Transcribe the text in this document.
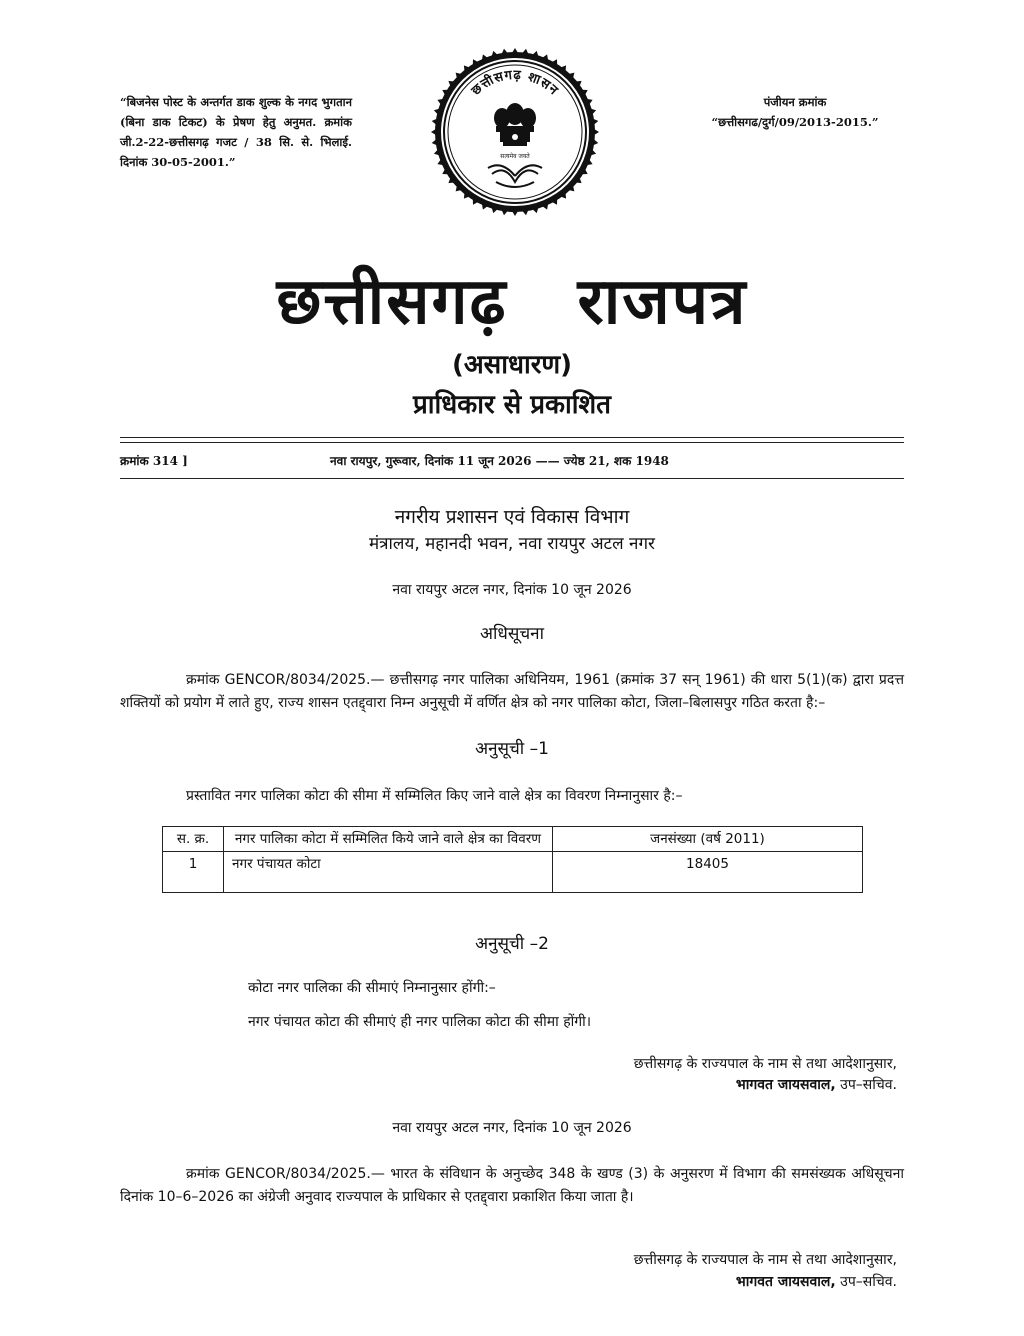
“बिजनेस पोस्ट के अन्तर्गत डाक शुल्क के नगद भुगतान (बिना डाक टिकट) के प्रेषण हेतु अनुमत. क्रमांक जी.2-22-छत्तीसगढ़ गजट / 38 सि. से. भिलाई. दिनांक 30-05-2001.”
पंजीयन क्रमांक
“छत्तीसगढ/दुर्ग/09/2013-2015.”
छत्तीसगढ़ शासन
सत्यमेव जयते
छत्तीसगढ़ राजपत्र
(असाधारण)
प्राधिकार से प्रकाशित
क्रमांक 314 ]	नवा रायपुर, गुरूवार, दिनांक 11 जून 2026 —— ज्येष्ठ 21, शक 1948
नगरीय प्रशासन एवं विकास विभाग
मंत्रालय, महानदी भवन, नवा रायपुर अटल नगर
नवा रायपुर अटल नगर, दिनांक 10 जून 2026
अधिसूचना
क्रमांक GENCOR/8034/2025.— छत्तीसगढ़ नगर पालिका अधिनियम, 1961 (क्रमांक 37 सन् 1961) की धारा 5(1)(क) द्वारा प्रदत्त शक्तियों को प्रयोग में लाते हुए, राज्य शासन एतद्द्वारा निम्न अनुसूची में वर्णित क्षेत्र को नगर पालिका कोटा, जिला–बिलासपुर गठित करता है:–
अनुसूची –1
प्रस्तावित नगर पालिका कोटा की सीमा में सम्मिलित किए जाने वाले क्षेत्र का विवरण निम्नानुसार है:–
स. क्र.	नगर पालिका कोटा में सम्मिलित किये जाने वाले क्षेत्र का विवरण	जनसंख्या (वर्ष 2011)

1	नगर पंचायत कोटा	18405
अनुसूची –2
कोटा नगर पालिका की सीमाएं निम्नानुसार होंगी:–
नगर पंचायत कोटा की सीमाएं ही नगर पालिका कोटा की सीमा होंगी।
छत्तीसगढ़ के राज्यपाल के नाम से तथा आदेशानुसार,
भागवत जायसवाल, उप–सचिव.
नवा रायपुर अटल नगर, दिनांक 10 जून 2026
क्रमांक GENCOR/8034/2025.— भारत के संविधान के अनुच्छेद 348 के खण्ड (3) के अनुसरण में विभाग की समसंख्यक अधिसूचना दिनांक 10–6–2026 का अंग्रेजी अनुवाद राज्यपाल के प्राधिकार से एतद्द्वारा प्रकाशित किया जाता है।
छत्तीसगढ़ के राज्यपाल के नाम से तथा आदेशानुसार,
भागवत जायसवाल, उप–सचिव.
